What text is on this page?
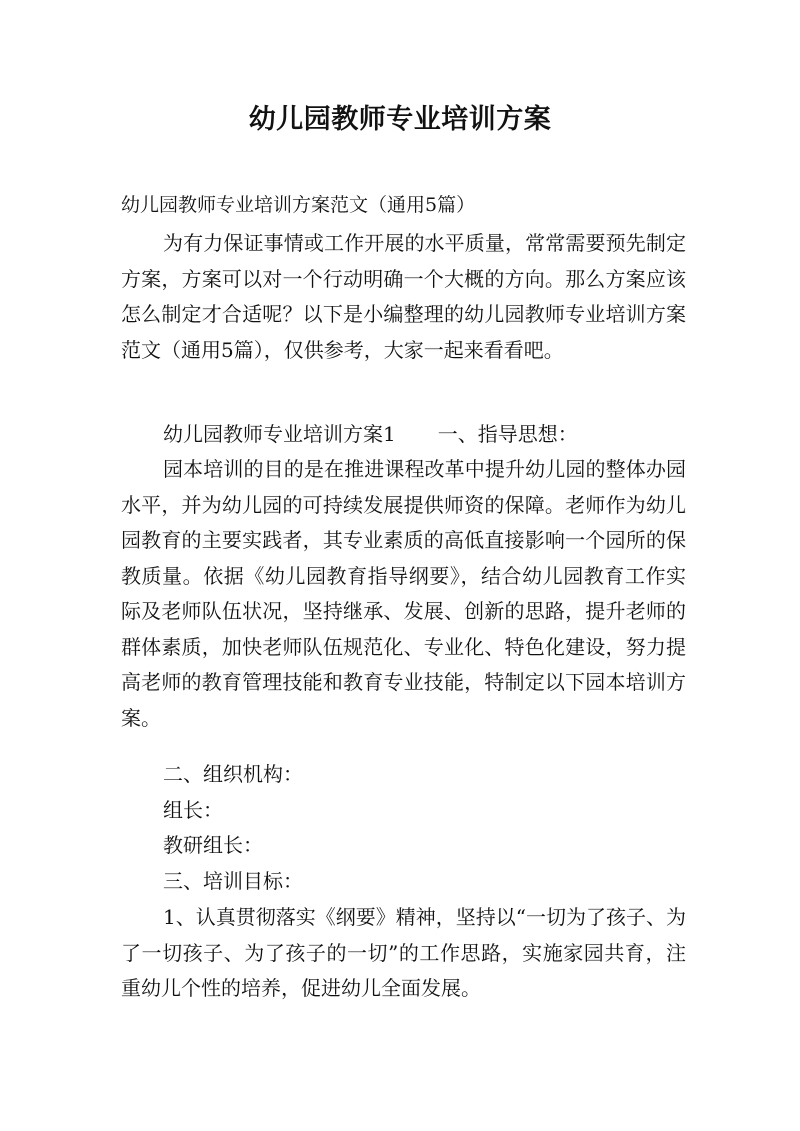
幼儿园教师专业培训方案
幼儿园教师专业培训方案范文（通用5篇）

为有力保证事情或工作开展的水平质量，常常需要预先制定方案，方案可以对一个行动明确一个大概的方向。那么方案应该怎么制定才合适呢？以下是小编整理的幼儿园教师专业培训方案范文（通用5篇），仅供参考，大家一起来看看吧。

幼儿园教师专业培训方案1 一、指导思想：

园本培训的目的是在推进课程改革中提升幼儿园的整体办园水平，并为幼儿园的可持续发展提供师资的保障。老师作为幼儿园教育的主要实践者，其专业素质的高低直接影响一个园所的保教质量。依据《幼儿园教育指导纲要》，结合幼儿园教育工作实际及老师队伍状况，坚持继承、发展、创新的思路，提升老师的群体素质，加快老师队伍规范化、专业化、特色化建设，努力提高老师的教育管理技能和教育专业技能，特制定以下园本培训方案。

二、组织机构：

组长：

教研组长：

三、培训目标：

1、认真贯彻落实《纲要》精神，坚持以“一切为了孩子、为了一切孩子、为了孩子的一切”的工作思路，实施家园共育，注重幼儿个性的培养，促进幼儿全面发展。
